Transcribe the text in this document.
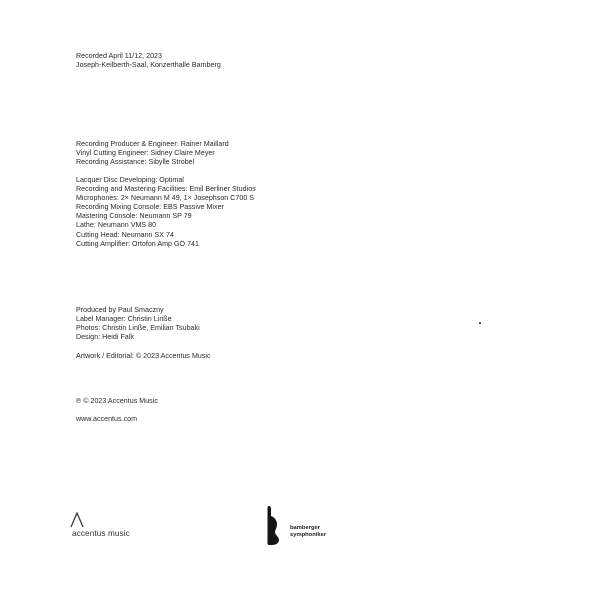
Recorded April 11/12, 2023
Joseph-Keilberth-Saal, Konzerthalle Bamberg
Recording Producer & Engineer: Rainer Maillard
Vinyl Cutting Engineer: Sidney Claire Meyer
Recording Assistance: Sibylle Strobel
Lacquer Disc Developing: Optimal
Recording and Mastering Facilities: Emil Berliner Studios
Microphones: 2× Neumann M 49, 1× Josephson C700 S
Recording Mixing Console: EBS Passive Mixer
Mastering Console: Neumann SP 79
Lathe: Neumann VMS 80
Cutting Head: Neumann SX 74
Cutting Amplifier: Ortofon Amp GO 741
Produced by Paul Smaczny
Label Manager: Christin Linße
Photos: Christin Linße, Emilian Tsubaki
Design: Heidi Falk
Artwork / Editorial: © 2023 Accentus Music
℗ © 2023 Accentus Music
www.accentus.com
accentus music
bamberger
symphoniker
